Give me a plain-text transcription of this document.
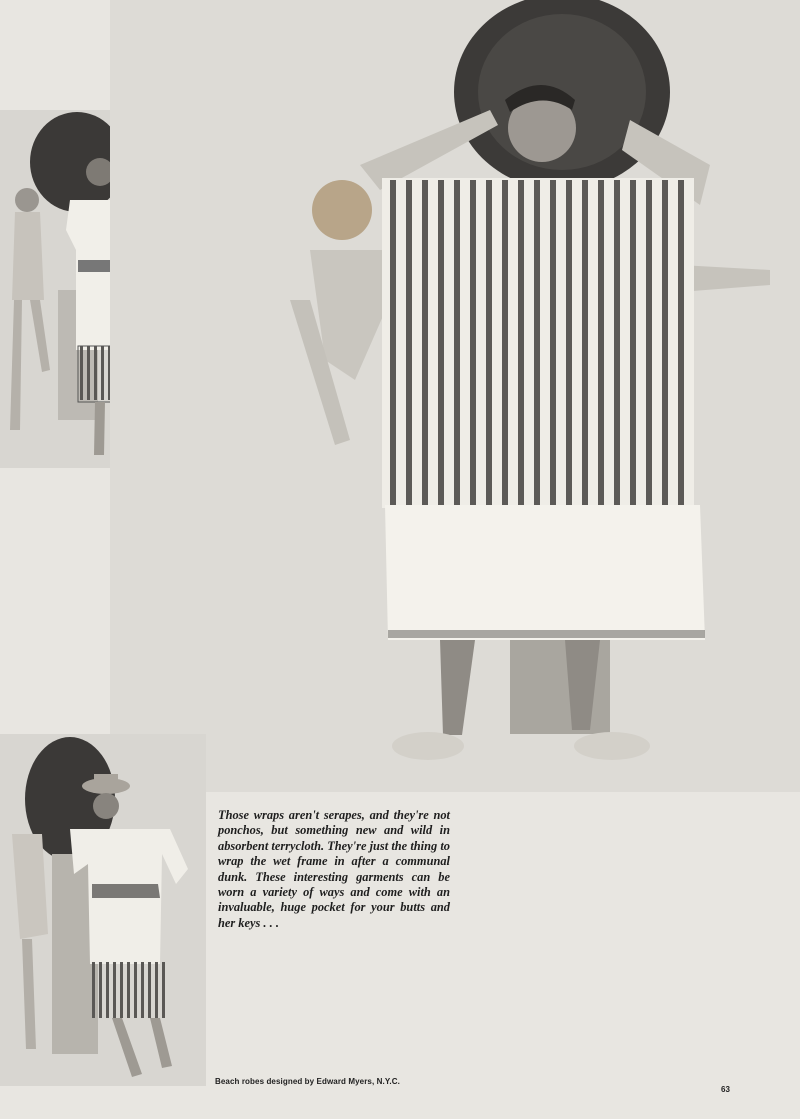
Those wraps aren't serapes, and they're not ponchos, but something new and wild in absorbent terrycloth. They're just the thing to wrap the wet frame in after a communal dunk. These interesting garments can be worn a variety of ways and come with an invaluable, huge pocket for your butts and her keys . . .
Beach robes designed by Edward Myers, N.Y.C.
63
